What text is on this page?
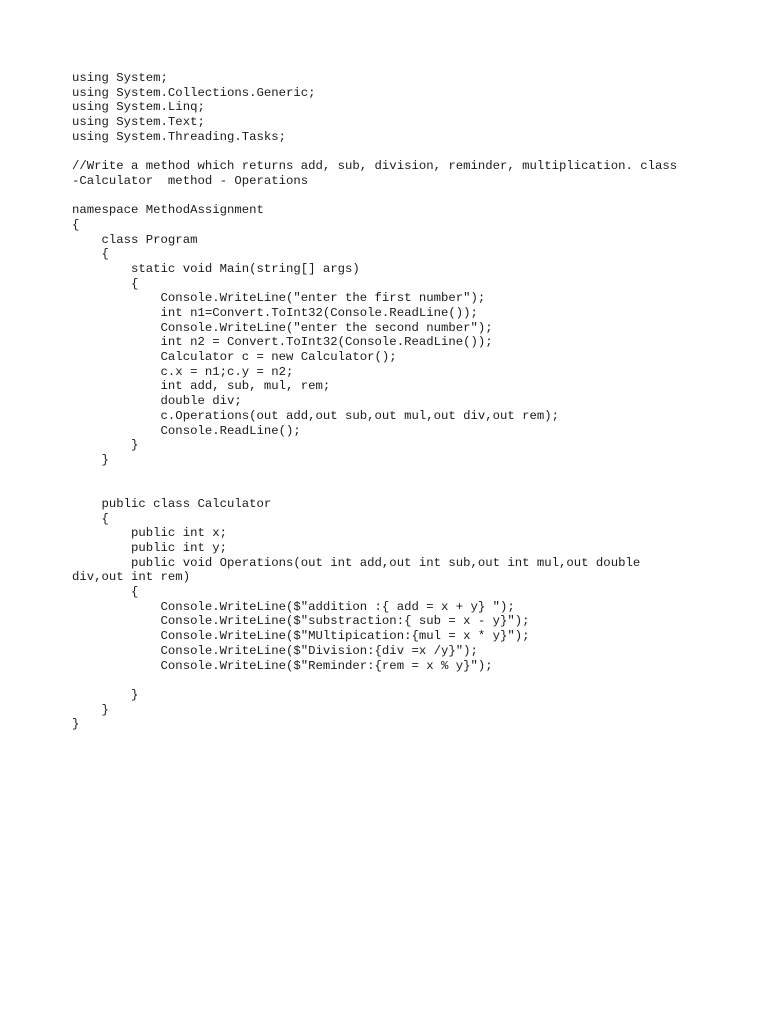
using System;
using System.Collections.Generic;
using System.Linq;
using System.Text;
using System.Threading.Tasks;
//Write a method which returns add, sub, division, reminder, multiplication. class
-Calculator  method - Operations
namespace MethodAssignment
{
class Program
{
static void Main(string[] args)
{
Console.WriteLine("enter the first number");
int n1=Convert.ToInt32(Console.ReadLine());
Console.WriteLine("enter the second number");
int n2 = Convert.ToInt32(Console.ReadLine());
Calculator c = new Calculator();
c.x = n1;c.y = n2;
int add, sub, mul, rem;
double div;
c.Operations(out add,out sub,out mul,out div,out rem);
Console.ReadLine();
}
}
public class Calculator
{
public int x;
public int y;
public void Operations(out int add,out int sub,out int mul,out double
div,out int rem)
{
Console.WriteLine($"addition :{ add = x + y} ");
Console.WriteLine($"substraction:{ sub = x - y}");
Console.WriteLine($"MUltipication:{mul = x * y}");
Console.WriteLine($"Division:{div =x /y}");
Console.WriteLine($"Reminder:{rem = x % y}");
}
}
}
